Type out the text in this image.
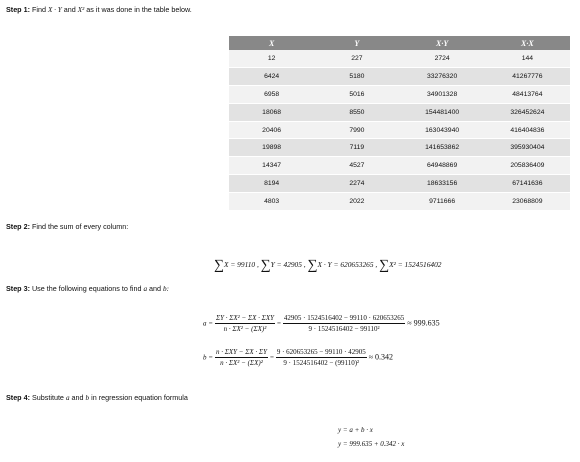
Step 1: Find X · Y and X² as it was done in the table below.
X	Y	X·Y	X·X
12	227	2724	144
6424	5180	33276320	41267776
6958	5016	34901328	48413764
18068	8550	154481400	326452624
20406	7990	163043940	416404836
19898	7119	141653862	395930404
14347	4527	64948869	205836409
8194	2274	18633156	67141636
4803	2022	9711666	23068809
Step 2: Find the sum of every column:
∑X = 99110 , ∑Y = 42905 , ∑X · Y = 620653265 , ∑X² = 1524516402
Step 3: Use the following equations to find a and b:
$a = \frac{\text{ΣY · ΣX² − ΣX · ΣXY}}{\text{n · ΣX² − (ΣX)²}} = \frac{42905 \cdot 1524516402 - 99110 \cdot 620653265}{\text{9 · 1524516402 − 99110²}} \approx 999.635$
$b = \frac{\text{n · ΣXY − ΣX · ΣY}}{\text{n · ΣX² − (ΣX)²}} = \frac{9 \cdot 620653265 - 99110 \cdot 42905}{\text{9 · 1524516402 − (99110)²}} \approx 0.342$
Step 4: Substitute a and b in regression equation formula
y = a + b · x
y = 999.635 + 0.342 · x
